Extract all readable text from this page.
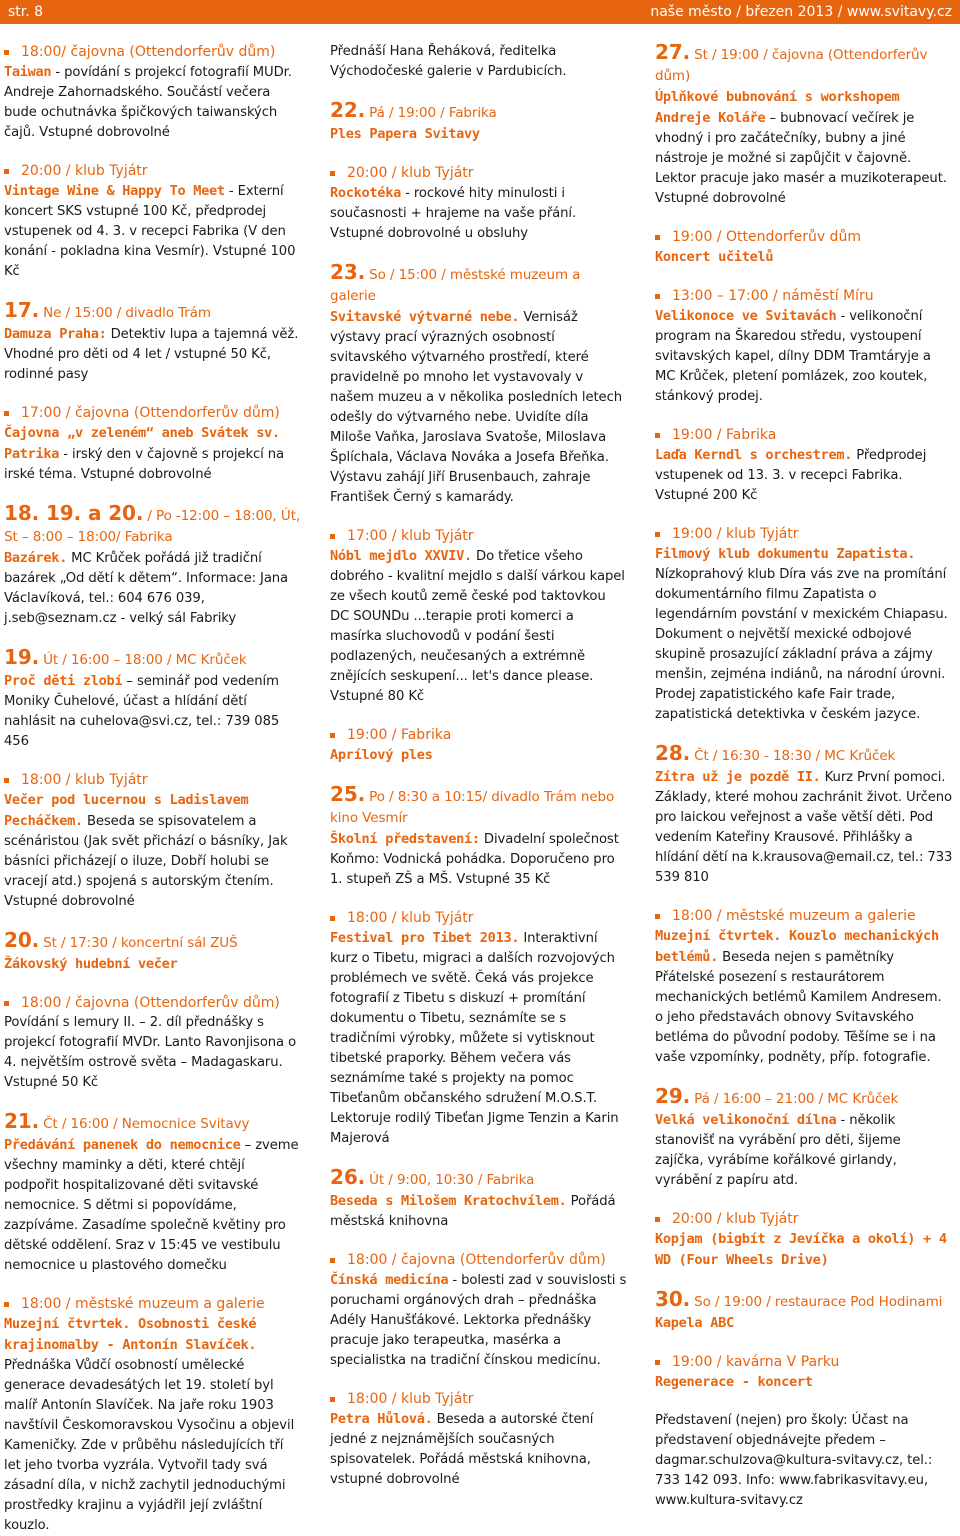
str. 8	naše město / březen 2013 / www.svitavy.cz
18:00/ čajovna (Ottendorferův dům)
Taiwan - povídání s projekcí fotografií MUDr. Andreje Zahornadského. Součástí večera bude ochutnávka špičkových taiwanských čajů. Vstupné dobrovolné
20:00 / klub Tyjátr
Vintage Wine & Happy To Meet - Externí koncert SKS vstupné 100 Kč, předprodej vstupenek od 4. 3. v recepci Fabrika (V den konání - pokladna kina Vesmír). Vstupné 100 Kč
17. Ne / 15:00 / divadlo Trám
Damuza Praha: Detektiv lupa a tajemná věž. Vhodné pro děti od 4 let / vstupné 50 Kč, rodinné pasy
17:00 / čajovna (Ottendorferův dům)
Čajovna „v zeleném“ aneb Svátek sv. Patrika - irský den v čajovně s projekcí na irské téma. Vstupné dobrovolné
18. 19. a 20. / Po -12:00 – 18:00, Út, St – 8:00 – 18:00/ Fabrika
Bazárek. MC Krůček pořádá již tradiční bazárek „Od dětí k dětem“. Informace: Jana Václavíková, tel.: 604 676 039, j.seb@seznam.cz - velký sál Fabriky
19. Út / 16:00 – 18:00 / MC Krůček
Proč děti zlobí – seminář pod vedením Moniky Čuhelové, účast a hlídání dětí nahlásit na cuhelova@svi.cz, tel.: 739 085 456
18:00 / klub Tyjátr
Večer pod lucernou s Ladislavem Pecháčkem. Beseda se spisovatelem a scénáristou (Jak svět přichází o básníky, Jak básníci přicházejí o iluze, Dobří holubi se vracejí atd.) spojená s autorským čtením. Vstupné dobrovolné
20. St / 17:30 / koncertní sál ZUŠ
Žákovský hudební večer
18:00 / čajovna (Ottendorferův dům)
Povídání s lemury II. – 2. díl přednášky s projekcí fotografií MVDr. Lanto Ravonjisona o 4. největším ostrově světa – Madagaskaru. Vstupné 50 Kč
21. Čt / 16:00 / Nemocnice Svitavy
Předávání panenek do nemocnice – zveme všechny maminky a děti, které chtějí podpořit hospitalizované děti svitavské nemocnice. S dětmi si popovídáme, zazpíváme. Zasadíme společně květiny pro dětské oddělení. Sraz v 15:45 ve vestibulu nemocnice u plastového domečku
18:00 / městské muzeum a galerie
Muzejní čtvrtek. Osobnosti české krajinomalby - Antonín Slavíček. Přednáška Vůdčí osobností umělecké generace devadesátých let 19. století byl malíř Antonín Slavíček. Na jaře roku 1903 navštívil Českomoravskou Vysočinu a objevil Kameničky. Zde v průběhu následujících tří let jeho tvorba vyzrála. Vytvořil tady svá zásadní díla, v nichž zachytil jednoduchými prostředky krajinu a vyjádřil její zvláštní kouzlo.
Přednáší Hana Řeháková, ředitelka Východočeské galerie v Pardubicích.
22. Pá / 19:00 / Fabrika
Ples Papera Svitavy
20:00 / klub Tyjátr
Rockotéka - rockové hity minulosti i současnosti + hrajeme na vaše přání. Vstupné dobrovolné u obsluhy
23. So / 15:00 / městské muzeum a galerie
Svitavské výtvarné nebe. Vernisáž výstavy prací výrazných osobností svitavského výtvarného prostředí, které pravidelně po mnoho let vystavovaly v našem muzeu a v několika posledních letech odešly do výtvarného nebe. Uvidíte díla Miloše Vaňka, Jaroslava Svatoše, Miloslava Šplíchala, Václava Nováka a Josefa Břeňka. Výstavu zahájí Jiří Brusenbauch, zahraje František Černý s kamarády.
17:00 / klub Tyjátr
Nóbl mejdlo XXVIV. Do třetice všeho dobrého - kvalitní mejdlo s další várkou kapel ze všech koutů země české pod taktovkou DC SOUNDu ...terapie proti komerci a masírka sluchovodů v podání šesti podlazených, neučesaných a extrémně znějících seskupení... let's dance please. Vstupné 80 Kč
19:00 / Fabrika
Aprílový ples
25. Po / 8:30 a 10:15/ divadlo Trám nebo kino Vesmír
Školní představení: Divadelní společnost Koňmo: Vodnická pohádka. Doporučeno pro 1. stupeň ZŠ a MŠ. Vstupné 35 Kč
18:00 / klub Tyjátr
Festival pro Tibet 2013. Interaktivní kurz o Tibetu, migraci a dalších rozvojových problémech ve světě. Čeká vás projekce fotografií z Tibetu s diskuzí + promítání dokumentu o Tibetu, seznámíte se s tradičními výrobky, můžete si vytisknout tibetské praporky. Během večera vás seznámíme také s projekty na pomoc Tibeťanům občanského sdružení M.O.S.T. Lektoruje rodilý Tibeťan Jigme Tenzin a Karin Majerová
26. Út / 9:00, 10:30 / Fabrika
Beseda s Milošem Kratochvílem. Pořádá městská knihovna
18:00 / čajovna (Ottendorferův dům)
Čínská medicína - bolesti zad v souvislosti s poruchami orgánových drah – přednáška Adély Hanušťákové. Lektorka přednášky pracuje jako terapeutka, masérka a specialistka na tradiční čínskou medicínu.
18:00 / klub Tyjátr
Petra Hůlová. Beseda a autorské čtení jedné z nejznámějších současných spisovatelek. Pořádá městská knihovna, vstupné dobrovolné
27. St / 19:00 / čajovna (Ottendorferův dům)
Úplňkové bubnování s workshopem Andreje Koláře – bubnovací večírek je vhodný i pro začátečníky, bubny a jiné nástroje je možné si zapůjčit v čajovně. Lektor pracuje jako masér a muzikoterapeut. Vstupné dobrovolné
19:00 / Ottendorferův dům
Koncert učitelů
13:00 – 17:00 / náměstí Míru
Velikonoce ve Svitavách - velikonoční program na Škaredou středu, vystoupení svitavských kapel, dílny DDM Tramtáryje a MC Krůček, pletení pomlázek, zoo koutek, stánkový prodej.
19:00 / Fabrika
Laďa Kerndl s orchestrem. Předprodej vstupenek od 13. 3. v recepci Fabrika. Vstupné 200 Kč
19:00 / klub Tyjátr
Filmový klub dokumentu Zapatista. Nízkoprahový klub Díra vás zve na promítání dokumentárního filmu Zapatista o legendárním povstání v mexickém Chiapasu. Dokument o největší mexické odbojové skupině prosazující základní práva a zájmy menšin, zejména indiánů, na národní úrovni. Prodej zapatistického kafe Fair trade, zapatistická detektivka v českém jazyce.
28. Čt / 16:30 - 18:30 / MC Krůček
Zítra už je pozdě II. Kurz První pomoci. Základy, které mohou zachránit život. Určeno pro laickou veřejnost a vaše větší děti. Pod vedením Kateřiny Krausové. Přihlášky a hlídání dětí na k.krausova@email.cz, tel.: 733 539 810
18:00 / městské muzeum a galerie
Muzejní čtvrtek. Kouzlo mechanických betlémů. Beseda nejen s pamětníky Přátelské posezení s restaurátorem mechanických betlémů Kamilem Andresem. o jeho představách obnovy Svitavského betléma do původní podoby. Těšíme se i na vaše vzpomínky, podněty, příp. fotografie.
29. Pá / 16:00 – 21:00 / MC Krůček
Velká velikonoční dílna - několik stanovišť na vyrábění pro děti, šijeme zajíčka, vyrábíme kořálkové girlandy, vyrábění z papíru atd.
20:00 / klub Tyjátr
Kopjam (bigbít z Jevíčka a okolí) + 4 WD (Four Wheels Drive)
30. So / 19:00 / restaurace Pod Hodinami
Kapela ABC
19:00 / kavárna V Parku
Regenerace - koncert
Představení (nejen) pro školy: Účast na představení objednávejte předem – dagmar.schulzova@kultura-svitavy.cz, tel.: 733 142 093. Info: www.fabrikasvitavy.eu, www.kultura-svitavy.cz
